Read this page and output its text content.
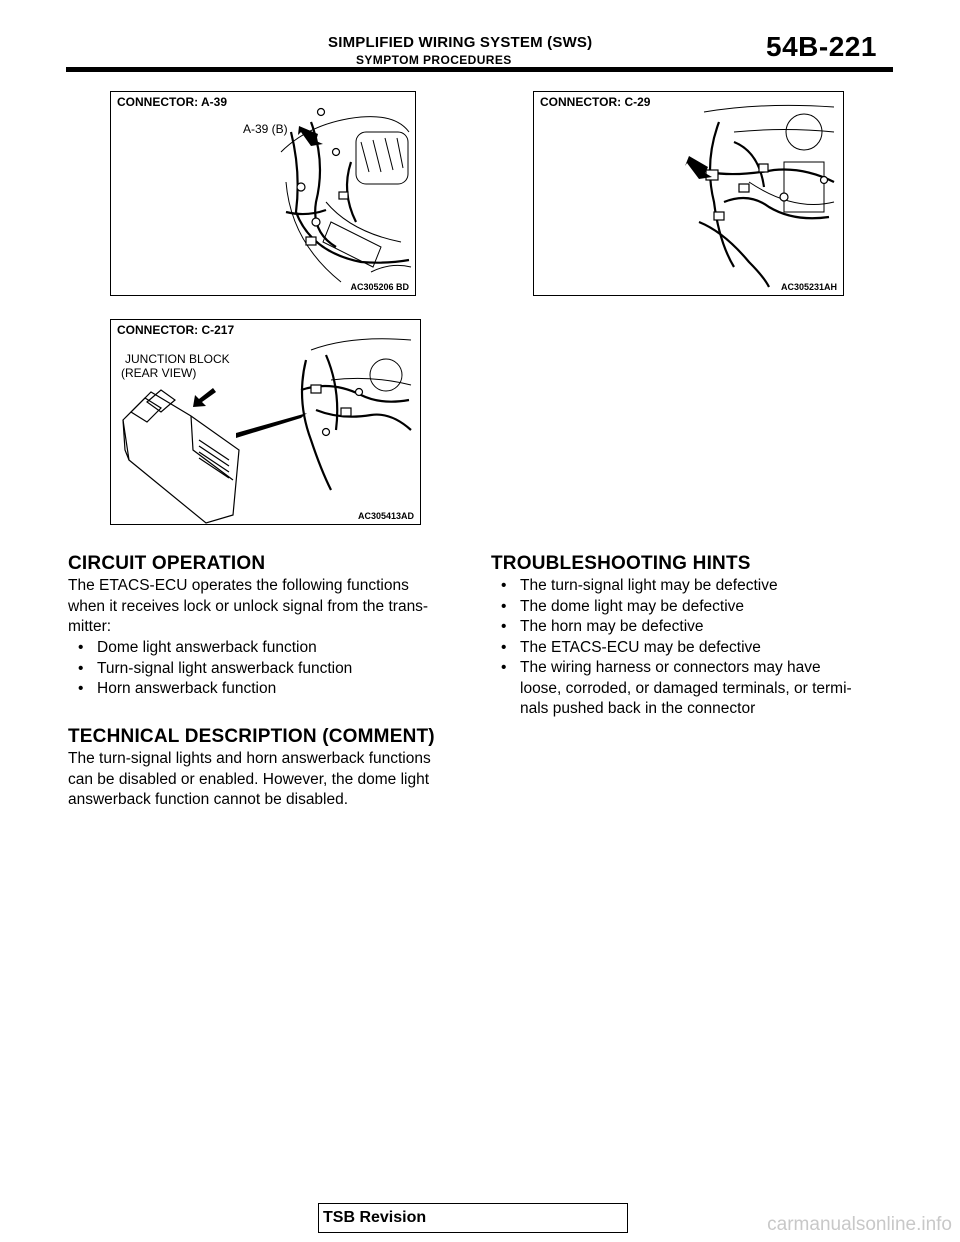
SIMPLIFIED WIRING SYSTEM (SWS)
SYMPTOM PROCEDURES	54B-221
CONNECTOR: A-39
A-39 (B)
AC305206 BD
CONNECTOR: C-29
AC305231AH
CONNECTOR: C-217
JUNCTION BLOCK
(REAR VIEW)
AC305413AD
CIRCUIT OPERATION
The ETACS-ECU operates the following functions
when it receives lock or unlock signal from the trans-
mitter:
• Dome light answerback function
• Turn-signal light answerback function
• Horn answerback function
TECHNICAL DESCRIPTION (COMMENT)
The turn-signal lights and horn answerback functions
can be disabled or enabled. However, the dome light
answerback function cannot be disabled.
TROUBLESHOOTING HINTS
• The turn-signal light may be defective
• The dome light may be defective
• The horn may be defective
• The ETACS-ECU may be defective
• The wiring harness or connectors may have
loose, corroded, or damaged terminals, or termi-
nals pushed back in the connector
TSB Revision	carmanualsonline.info
